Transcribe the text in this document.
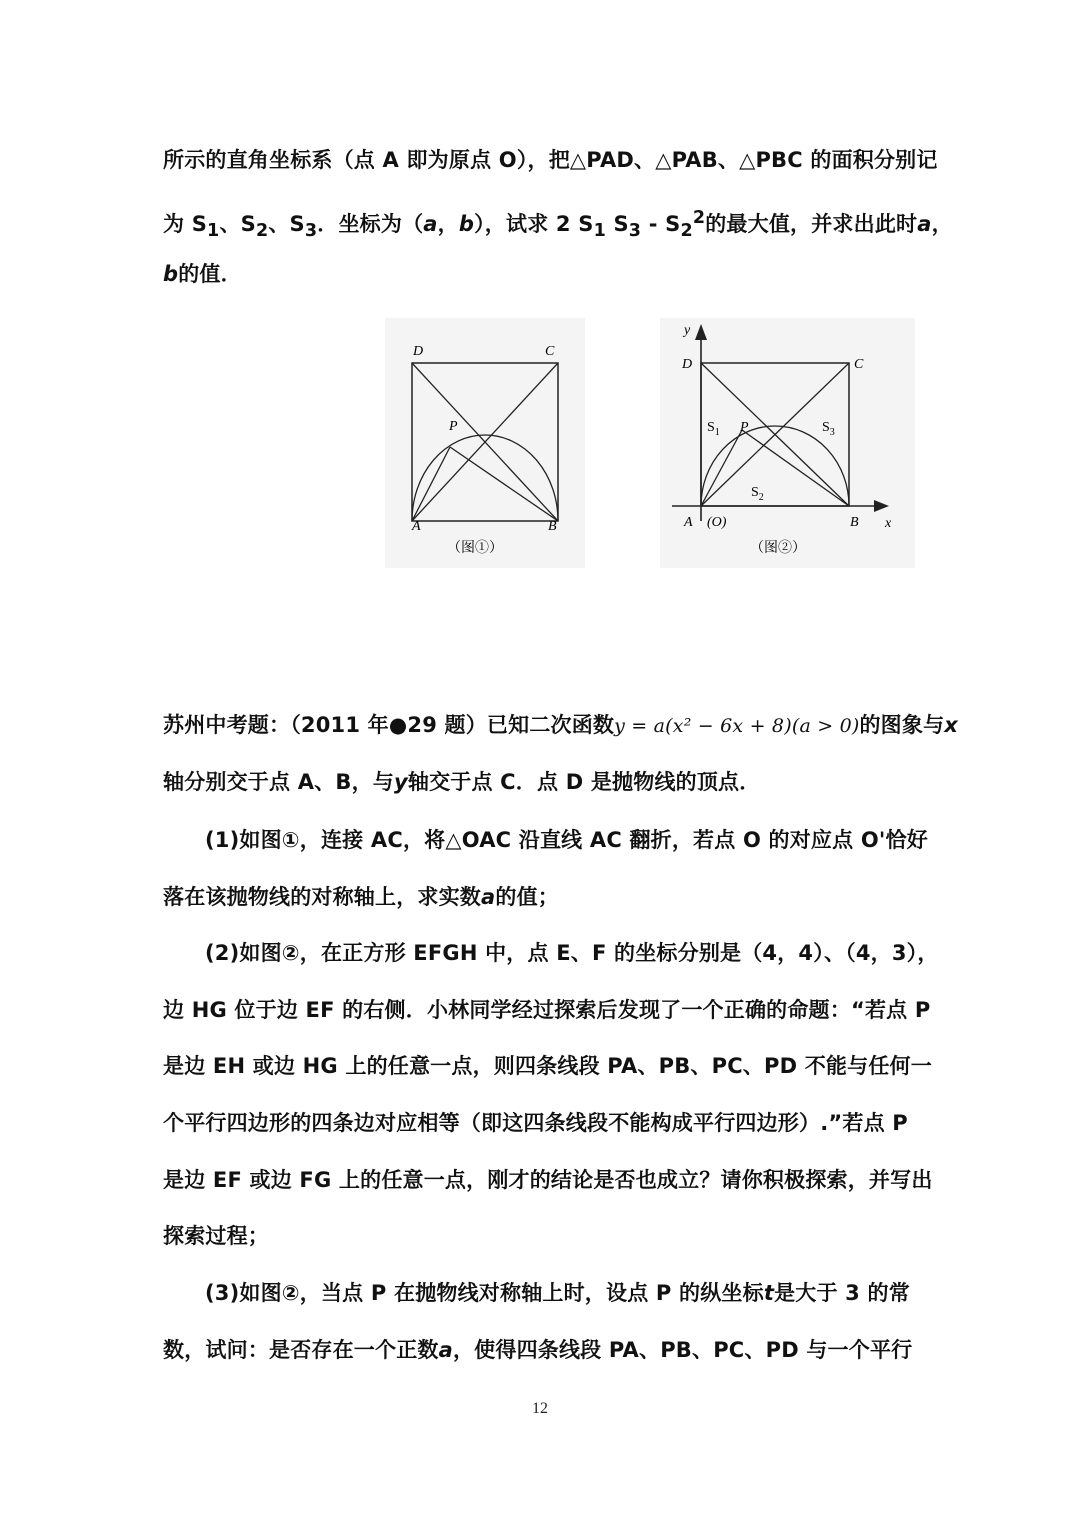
所示的直角坐标系（点 A 即为原点 O），把△PAD、△PAB、△PBC 的面积分别记
为 $S_1$、$S_2$、$S_3$．坐标为（a，b），试求 2 $S_1$ $S_3 - S_2^2$的最大值，并求出此时a，
b的值．
D	C
A	B
P
（图①）
y
x
D	C
A (O)	B
P
$S_1$
$S_2$
$S_3$
（图②）
苏州中考题：（2011 年●29 题）已知二次函数y = a(x² − 6x + 8)(a > 0)的图象与x
轴分别交于点 A、B，与y轴交于点 C．点 D 是抛物线的顶点．
(1)如图①，连接 AC，将△OAC 沿直线 AC 翻折，若点 O 的对应点 O'恰好
落在该抛物线的对称轴上，求实数a的值；
(2)如图②，在正方形 EFGH 中，点 E、F 的坐标分别是（4，4）、（4，3），
边 HG 位于边 EF 的右侧．小林同学经过探索后发现了一个正确的命题：“若点 P
是边 EH 或边 HG 上的任意一点，则四条线段 PA、PB、PC、PD 不能与任何一
个平行四边形的四条边对应相等（即这四条线段不能构成平行四边形）.”若点 P
是边 EF 或边 FG 上的任意一点，刚才的结论是否也成立？请你积极探索，并写出
探索过程；
(3)如图②，当点 P 在抛物线对称轴上时，设点 P 的纵坐标t是大于 3 的常
数，试问：是否存在一个正数a，使得四条线段 PA、PB、PC、PD 与一个平行
12
